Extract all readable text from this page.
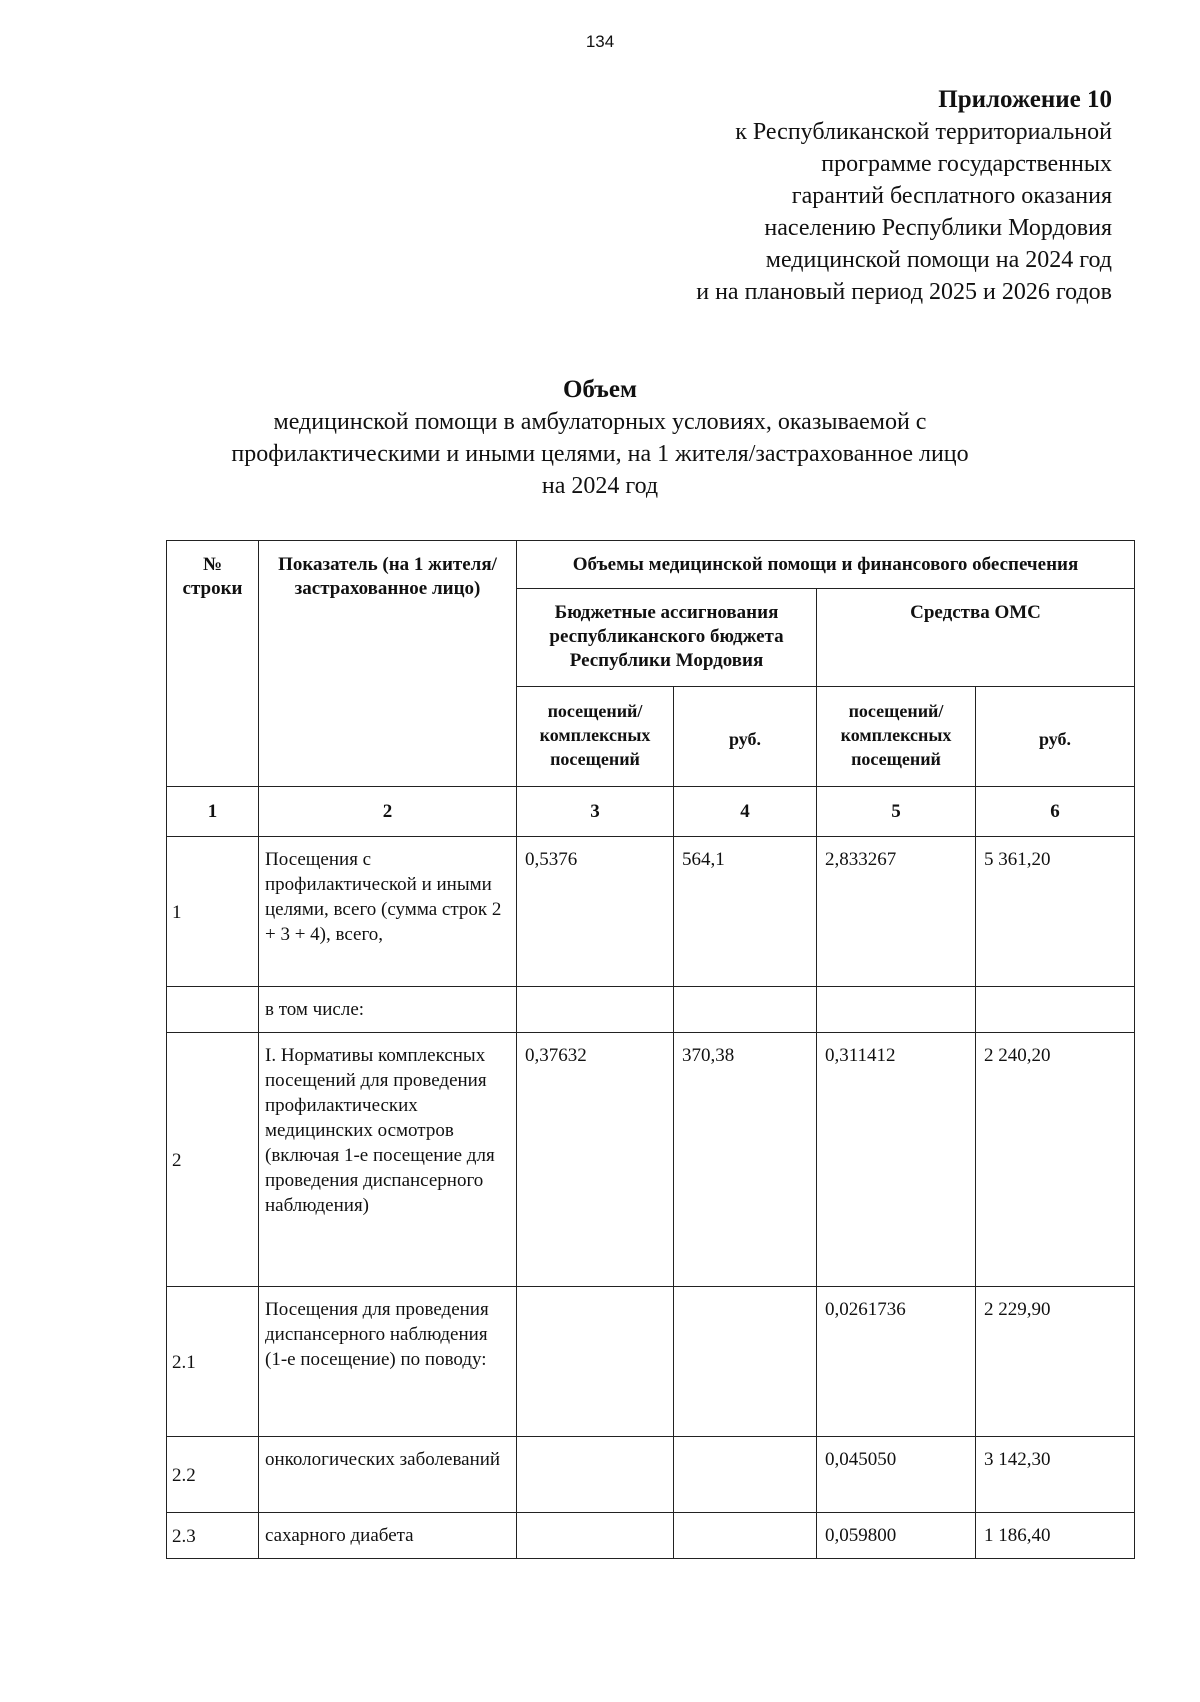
134
Приложение 10
к Республиканской территориальной
программе государственных
гарантий бесплатного оказания
населению Республики Мордовия
медицинской помощи на 2024 год
и на плановый период 2025 и 2026 годов
Объем
медицинской помощи в амбулаторных условиях, оказываемой с
профилактическими и иными целями, на 1 жителя/застрахованное лицо
на 2024 год
№ строки	Показатель (на 1 жителя/застрахованное лицо)	Объемы медицинской помощи и финансового обеспечения			
		Бюджетные ассигнования республиканского бюджета Республики Мордовия		Средства ОМС	
		посещений/ комплексных посещений	руб.	посещений/ комплексных посещений	руб.
1	2	3	4	5	6
1	Посещения с профилактической и иными целями, всего (сумма строк 2 + 3 + 4), всего,	0,5376	564,1	2,833267	5 361,20
	в том числе:				
2	I. Нормативы комплексных посещений для проведения профилактических медицинских осмотров (включая 1-е посещение для проведения диспансерного наблюдения)	0,37632	370,38	0,311412	2 240,20
2.1	Посещения для проведения диспансерного наблюдения (1-е посещение) по поводу:			0,0261736	2 229,90
2.2	онкологических заболеваний			0,045050	3 142,30
2.3	сахарного диабета			0,059800	1 186,40
